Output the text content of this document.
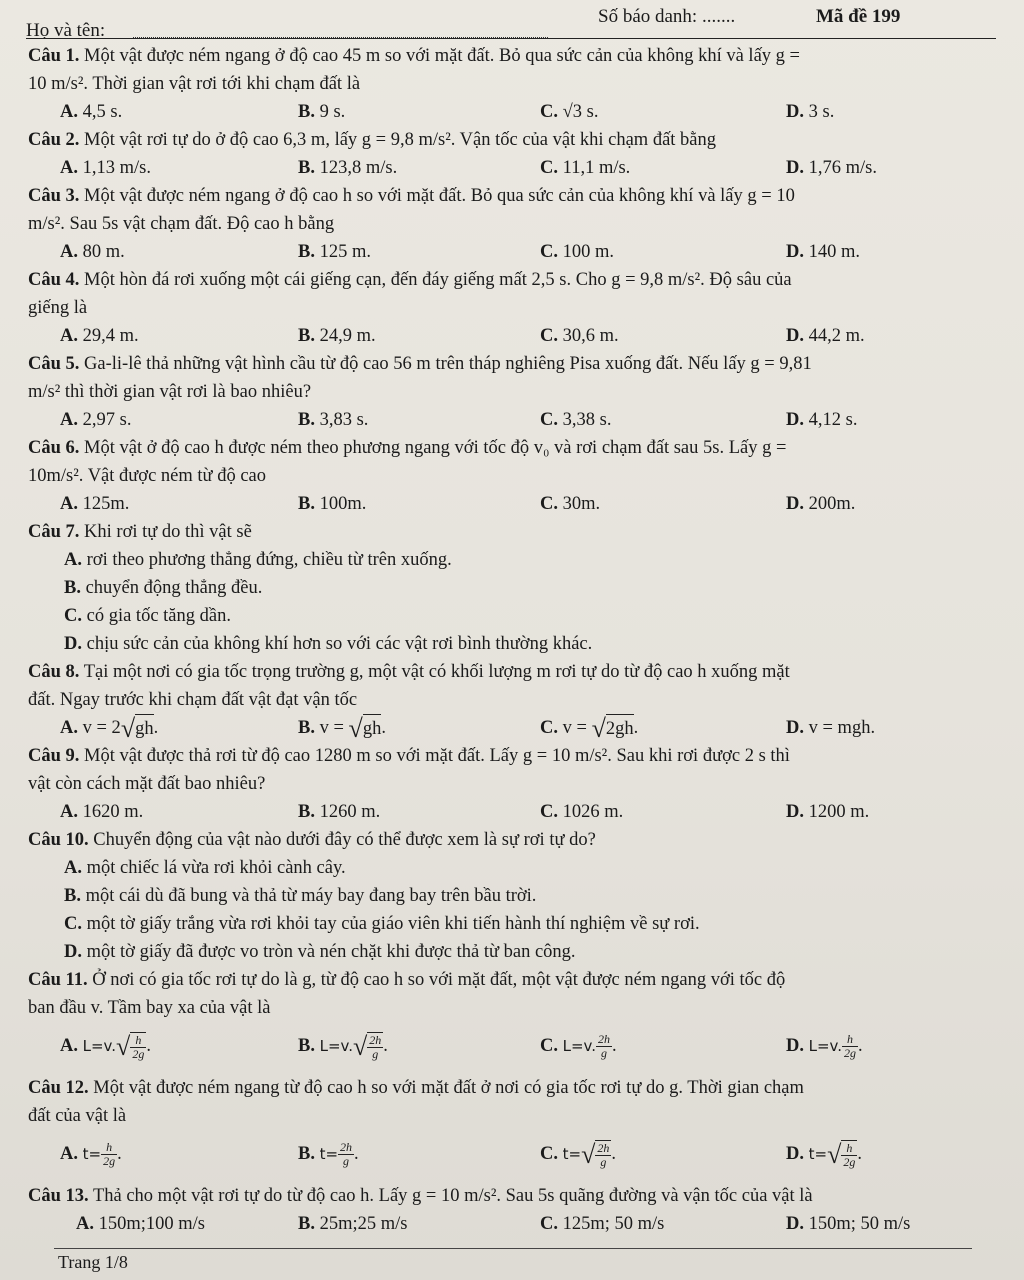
Họ và tên:
Số báo danh: .......	Mã đề 199

Câu 1. Một vật được ném ngang ở độ cao 45 m so với mặt đất. Bỏ qua sức cản của không khí và lấy g =

10 m/s². Thời gian vật rơi tới khi chạm đất là

A. 4,5 s.	B. 9 s.	C. √3 s.	D. 3 s.

Câu 2. Một vật rơi tự do ở độ cao 6,3 m, lấy g = 9,8 m/s². Vận tốc của vật khi chạm đất bằng

A. 1,13 m/s.	B. 123,8 m/s.	C. 11,1 m/s.	D. 1,76 m/s.

Câu 3. Một vật được ném ngang ở độ cao h so với mặt đất. Bỏ qua sức cản của không khí và lấy g = 10

m/s². Sau 5s vật chạm đất. Độ cao h bằng

A. 80 m.	B. 125 m.	C. 100 m.	D. 140 m.

Câu 4. Một hòn đá rơi xuống một cái giếng cạn, đến đáy giếng mất 2,5 s. Cho g = 9,8 m/s². Độ sâu của

giếng là

A. 29,4 m.	B. 24,9 m.	C. 30,6 m.	D. 44,2 m.

Câu 5. Ga-li-lê thả những vật hình cầu từ độ cao 56 m trên tháp nghiêng Pisa xuống đất. Nếu lấy g = 9,81

m/s² thì thời gian vật rơi là bao nhiêu?

A. 2,97 s.	B. 3,83 s.	C. 3,38 s.	D. 4,12 s.

Câu 6. Một vật ở độ cao h được ném theo phương ngang với tốc độ v₀ và rơi chạm đất sau 5s. Lấy g =

10m/s². Vật được ném từ độ cao

A. 125m.	B. 100m.	C. 30m.	D. 200m.

Câu 7. Khi rơi tự do thì vật sẽ

A. rơi theo phương thẳng đứng, chiều từ trên xuống.

B. chuyển động thẳng đều.

C. có gia tốc tăng dần.

D. chịu sức cản của không khí hơn so với các vật rơi bình thường khác.

Câu 8. Tại một nơi có gia tốc trọng trường g, một vật có khối lượng m rơi tự do từ độ cao h xuống mặt

đất. Ngay trước khi chạm đất vật đạt vận tốc

A. v = 2√gh.	B. v = √gh.	C. v = √2gh.	D. v = mgh.

Câu 9. Một vật được thả rơi từ độ cao 1280 m so với mặt đất. Lấy g = 10 m/s². Sau khi rơi được 2 s thì

vật còn cách mặt đất bao nhiêu?

A. 1620 m.	B. 1260 m.	C. 1026 m.	D. 1200 m.

Câu 10. Chuyển động của vật nào dưới đây có thể được xem là sự rơi tự do?

A. một chiếc lá vừa rơi khỏi cành cây.

B. một cái dù đã bung và thả từ máy bay đang bay trên bầu trời.

C. một tờ giấy trắng vừa rơi khỏi tay của giáo viên khi tiến hành thí nghiệm về sự rơi.

D. một tờ giấy đã được vo tròn và nén chặt khi được thả từ ban công.

Câu 11. Ở nơi có gia tốc rơi tự do là g, từ độ cao h so với mặt đất, một vật được ném ngang với tốc độ

ban đầu v. Tầm bay xa của vật là

A. $L=v.√ \frac{h}{2g}$ .	B. $L=v.√ \frac{2h}{g}$ .	C. L=v. $\frac{2h}{g}$ .	D. L=v. $\frac{h}{2g}$ .

Câu 12. Một vật được ném ngang từ độ cao h so với mặt đất ở nơi có gia tốc rơi tự do g. Thời gian chạm

đất của vật là

A. $t= \frac{h}{2g}$ .	B. $t= \frac{2h}{g}$ .	C. $t=√ \frac{2h}{g}$ .	D. $t=√ \frac{h}{2g}$ .

Câu 13. Thả cho một vật rơi tự do từ độ cao h. Lấy g = 10 m/s². Sau 5s quãng đường và vận tốc của vật là

A. 150m;100 m/s	B. 25m;25 m/s	C. 125m; 50 m/s	D. 150m; 50 m/s
Trang 1/8
